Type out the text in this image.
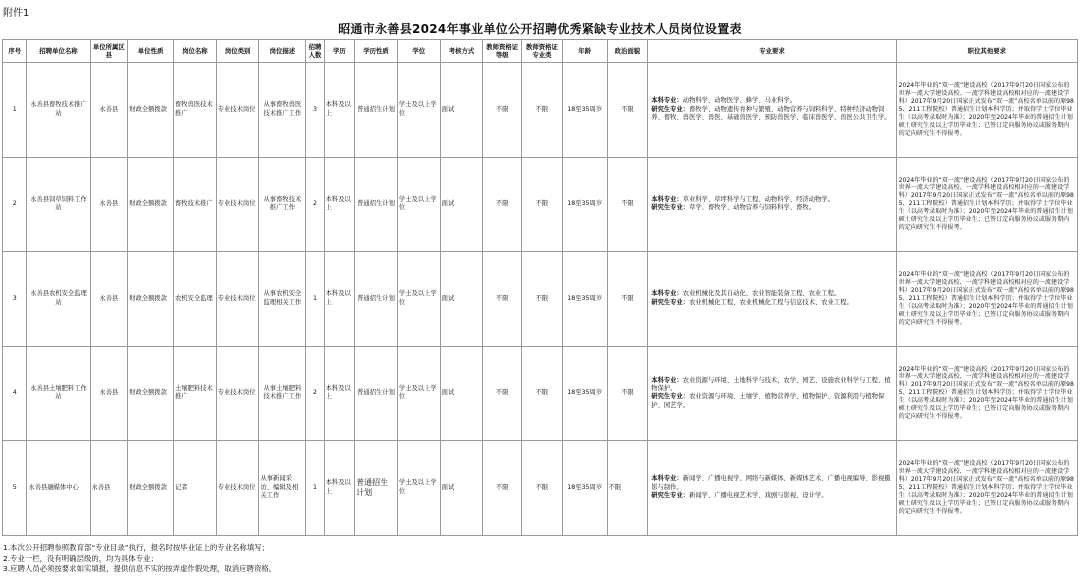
附件1
昭通市永善县2024年事业单位公开招聘优秀紧缺专业技术人员岗位设置表
序号	招聘单位名称	单位所属区县	单位性质	岗位名称	岗位类别	岗位描述	招聘人数	学历	学历性质	学位	考核方式	教师资格证等级	教师资格证专业类	年龄	政治面貌	专业要求	职位其他要求
1	永善县畜牧技术推广站	永善县	财政全额拨款	畜牧兽医技术推广	专业技术岗位	从事畜牧兽医技术推广工作	3	本科及以上	普通招生计划	学士及以上学位	面试	不限	不限	18至35周岁	不限	本科专业：动物科学、动物医学、蜂学、马业科学。
研究生专业：畜牧学、动物遗传育种与繁殖、动物营养与饲料科学、特种经济动物饲养、畜牧、兽医学、兽医、基础兽医学、预防兽医学、临床兽医学、兽医公共卫生学。	2024年毕业的“双一流”建设高校（2017年9月20日国家公布的世界一流大学建设高校、一流学科建设高校相对应的一流建设学科）2017年9月20日国家正式发布“双一流”高校名单以前的原985、211工程院校）普通招生计划本科学历；并取得学士学位毕业生（以高考录取时为准）；2020年至2024年毕业的普通招生计划硕士研究生及以上学历毕业生；已签订定向服务协议或服务期内的定向研究生不得报考。
2	永善县饲草饲料工作站	永善县	财政全额拨款	畜牧技术推广	专业技术岗位	从事畜牧技术推广工作	2	本科及以上	普通招生计划	学士及以上学位	面试	不限	不限	18至35周岁	不限	本科专业：草业科学、草坪科学与工程、动物科学、经济动物学。
研究生专业：草学、畜牧学、动物营养与饲料科学、畜牧。	2024年毕业的“双一流”建设高校（2017年9月20日国家公布的世界一流大学建设高校、一流学科建设高校相对应的一流建设学科）2017年9月20日国家正式发布“双一流”高校名单以前的原985、211工程院校）普通招生计划本科学历；并取得学士学位毕业生（以高考录取时为准）；2020年至2024年毕业的普通招生计划硕士研究生及以上学历毕业生；已签订定向服务协议或服务期内的定向研究生不得报考。
3	永善县农机安全监理站	永善县	财政全额拨款	农机安全监理	专业技术岗位	从事农机安全监理相关工作	1	本科及以上	普通招生计划	学士及以上学位	面试	不限	不限	18至35周岁	不限	本科专业：农业机械化及其自动化、农业智能装备工程、农业工程。
研究生专业：农业机械化工程、农业机械化工程与信息技术、农业工程。	2024年毕业的“双一流”建设高校（2017年9月20日国家公布的世界一流大学建设高校、一流学科建设高校相对应的一流建设学科）2017年9月20日国家正式发布“双一流”高校名单以前的原985、211工程院校）普通招生计划本科学历；并取得学士学位毕业生（以高考录取时为准）；2020年至2024年毕业的普通招生计划硕士研究生及以上学历毕业生；已签订定向服务协议或服务期内的定向研究生不得报考。
4	永善县土壤肥料工作站	永善县	财政全额拨款	土壤肥料技术推广	专业技术岗位	从事土壤肥料技术推广工作	2	本科及以上	普通招生计划	学士及以上学位	面试	不限	不限	18至35周岁	不限	本科专业：农业资源与环境、土地科学与技术、农学、园艺、设施农业科学与工程、植物保护。
研究生专业：农业资源与环境、土壤学、植物营养学、植物保护、资源利用与植物保护、园艺学。	2024年毕业的“双一流”建设高校（2017年9月20日国家公布的世界一流大学建设高校、一流学科建设高校相对应的一流建设学科）2017年9月20日国家正式发布“双一流”高校名单以前的原985、211工程院校）普通招生计划本科学历；并取得学士学位毕业生（以高考录取时为准）；2020年至2024年毕业的普通招生计划硕士研究生及以上学历毕业生；已签订定向服务协议或服务期内的定向研究生不得报考。
5	永善县融媒体中心	永善县	财政全额拨款	记者	专业技术岗位	从事新闻采访、编辑及相关工作	1	本科及以上	普通招生计划	学士及以上学位	面试	不限	不限	18至35周岁	不限	本科专业：新闻学、广播电视学、网络与新媒体、新媒体艺术、广播电视编导、影视摄影与制作。
研究生专业：新闻学、广播电视艺术学、戏剧与影视、设计学。	2024年毕业的“双一流”建设高校（2017年9月20日国家公布的世界一流大学建设高校、一流学科建设高校相对应的一流建设学科）2017年9月20日国家正式发布“双一流”高校名单以前的原985、211工程院校）普通招生计划本科学历；并取得学士学位毕业生（以高考录取时为准）；2020年至2024年毕业的普通招生计划硕士研究生及以上学历毕业生；已签订定向服务协议或服务期内的定向研究生不得报考。
1.本次公开招聘参照教育部“专业目录”执行，报名时按毕业证上的专业名称填写；
2.专业一栏，没有明确层级的，均为具体专业；
3.应聘人员必须按要求如实填报，提供信息不实的按弄虚作假处理，取消应聘资格。
